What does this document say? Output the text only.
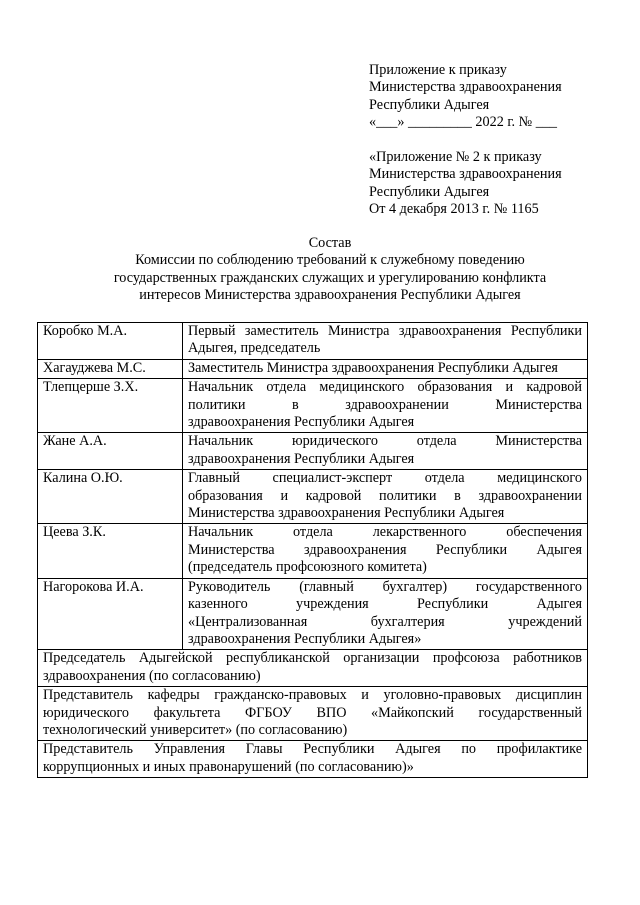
Приложение к приказу

Министерства здравоохранения

Республики Адыгея

«___» _________ 2022 г. № ___

«Приложение № 2 к приказу

Министерства здравоохранения

Республики Адыгея

От 4 декабря 2013 г. № 1165

Состав

Комиссии по соблюдению требований к служебному поведению

государственных гражданских служащих и урегулированию конфликта

интересов Министерства здравоохранения Республики Адыгея

Коробко М.А.	Первый заместитель Министра здравоохранения Республики
Адыгея, председатель
Хагауджева М.С.	Заместитель Министра здравоохранения Республики Адыгея
Тлепцерше З.Х.	Начальник отдела медицинского образования и кадровой
политики в здравоохранении Министерства
здравоохранения Республики Адыгея
Жане А.А.	Начальник юридического отдела Министерства
здравоохранения Республики Адыгея
Калина О.Ю.	Главный специалист-эксперт отдела медицинского
образования и кадровой политики в здравоохранении
Министерства здравоохранения Республики Адыгея
Цеева З.К.	Начальник отдела лекарственного обеспечения
Министерства здравоохранения Республики Адыгея
(председатель профсоюзного комитета)
Нагорокова И.А.	Руководитель (главный бухгалтер) государственного
казенного учреждения Республики Адыгея
«Централизованная бухгалтерия учреждений
здравоохранения Республики Адыгея»

Председатель Адыгейской республиканской организации профсоюза работников
здравоохранения (по согласованию)	

Представитель кафедры гражданско-правовых и уголовно-правовых дисциплин
юридического факультета ФГБОУ ВПО «Майкопский государственный
технологический университет» (по согласованию)	

Представитель Управления Главы Республики Адыгея по профилактике
коррупционных и иных правонарушений (по согласованию)»	
